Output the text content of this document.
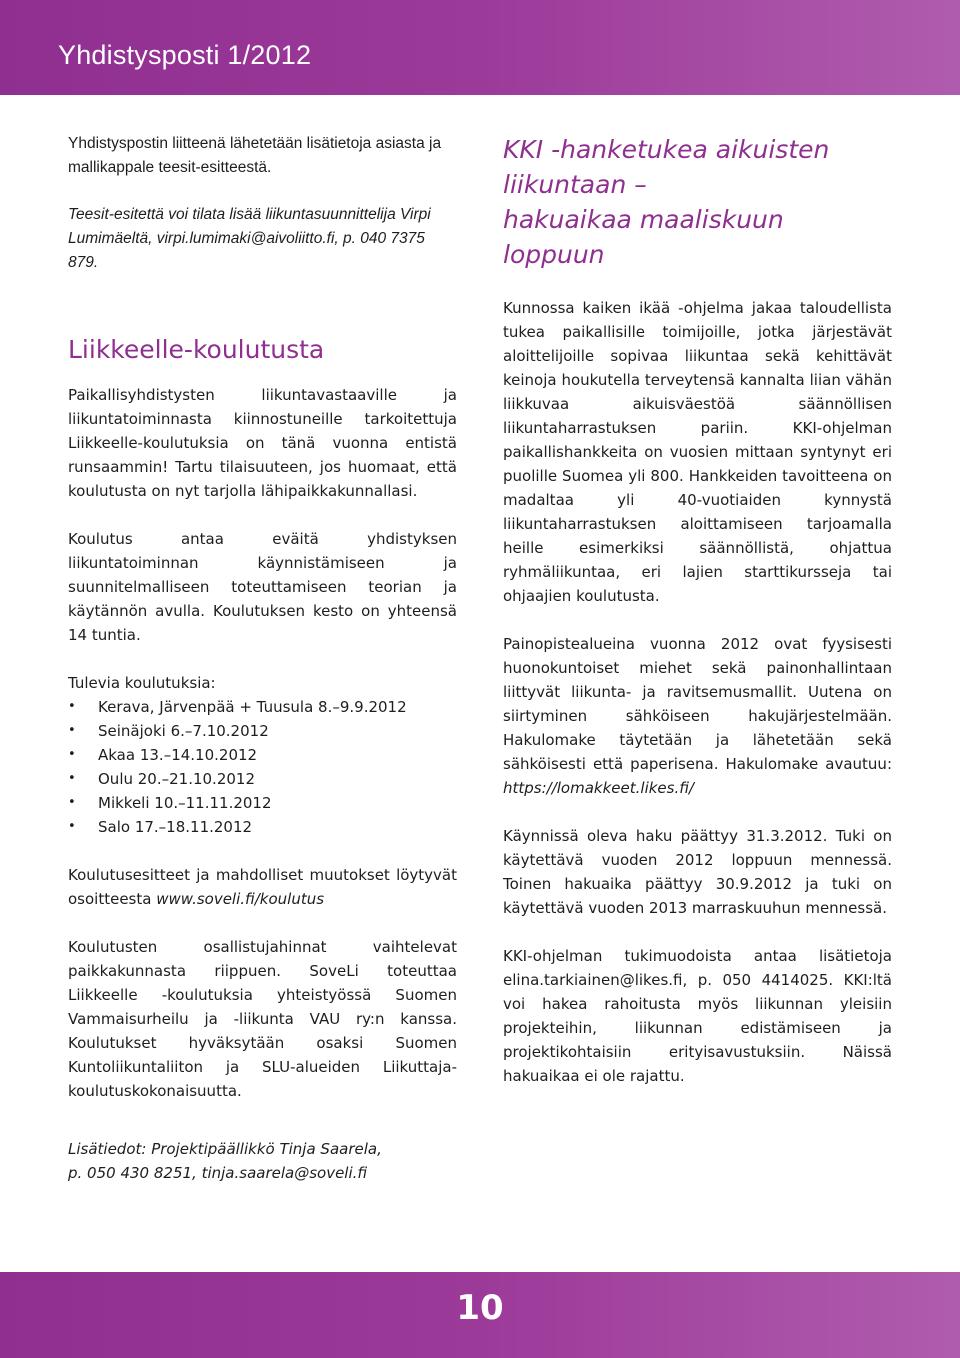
Yhdistysposti 1/2012

Yhdistyspostin liitteenä lähetetään lisätietoja asiasta ja mallikappale teesit-esitteestä.

Teesit-esitettä voi tilata lisää liikuntasuunnittelija Virpi Lumimäeltä, virpi.lumimaki@aivoliitto.fi, p. 040 7375 879.

Liikkeelle-koulutusta

Paikallisyhdistysten liikuntavastaaville ja liikuntatoiminnasta kiinnostuneille tarkoitettuja Liikkeelle-koulutuksia on tänä vuonna entistä runsaammin! Tartu tilaisuuteen, jos huomaat, että koulutusta on nyt tarjolla lähipaikkakunnallasi.

Koulutus antaa eväitä yhdistyksen liikuntatoiminnan käynnistämiseen ja suunnitelmalliseen toteuttamiseen teorian ja käytännön avulla. Koulutuksen kesto on yhteensä 14 tuntia.

Tulevia koulutuksia:

• Kerava, Järvenpää + Tuusula 8.–9.9.2012
• Seinäjoki 6.–7.10.2012
• Akaa 13.–14.10.2012
• Oulu 20.–21.10.2012
• Mikkeli 10.–11.11.2012
• Salo 17.–18.11.2012

Koulutusesitteet ja mahdolliset muutokset löytyvät osoitteesta www.soveli.fi/koulutus

Koulutusten osallistujahinnat vaihtelevat paikkakunnasta riippuen. SoveLi toteuttaa Liikkeelle -koulutuksia yhteistyössä Suomen Vammaisurheilu ja -liikunta VAU ry:n kanssa. Koulutukset hyväksytään osaksi Suomen Kuntoliikuntaliiton ja SLU-alueiden Liikuttaja-koulutuskokonaisuutta.

Lisätiedot: Projektipäällikkö Tinja Saarela,

p. 050 430 8251, tinja.saarela@soveli.fi

KKI -hanketukea aikuisten
liikuntaan –
hakuaikaa maaliskuun loppuun

Kunnossa kaiken ikää -ohjelma jakaa taloudellista tukea paikallisille toimijoille, jotka järjestävät aloittelijoille sopivaa liikuntaa sekä kehittävät keinoja houkutella terveytensä kannalta liian vähän liikkuvaa aikuisväestöä säännöllisen liikuntaharrastuksen pariin. KKI-ohjelman paikallishankkeita on vuosien mittaan syntynyt eri puolille Suomea yli 800. Hankkeiden tavoitteena on madaltaa yli 40-vuotiaiden kynnystä liikuntaharrastuksen aloittamiseen tarjoamalla heille esimerkiksi säännöllistä, ohjattua ryhmäliikuntaa, eri lajien starttikursseja tai ohjaajien koulutusta.

Painopistealueina vuonna 2012 ovat fyysisesti huonokuntoiset miehet sekä painonhallintaan liittyvät liikunta- ja ravitsemusmallit. Uutena on siirtyminen sähköiseen hakujärjestelmään. Hakulomake täytetään ja lähetetään sekä sähköisesti että paperisena. Hakulomake avautuu: https://lomakkeet.likes.fi/

Käynnissä oleva haku päättyy 31.3.2012. Tuki on käytettävä vuoden 2012 loppuun mennessä. Toinen hakuaika päättyy 30.9.2012 ja tuki on käytettävä vuoden 2013 marraskuuhun mennessä.

KKI-ohjelman tukimuodoista antaa lisätietoja elina.tarkiainen@likes.fi, p. 050 4414025. KKI:ltä voi hakea rahoitusta myös liikunnan yleisiin projekteihin, liikunnan edistämiseen ja projektikohtaisiin erityisavustuksiin. Näissä hakuaikaa ei ole rajattu.

10
